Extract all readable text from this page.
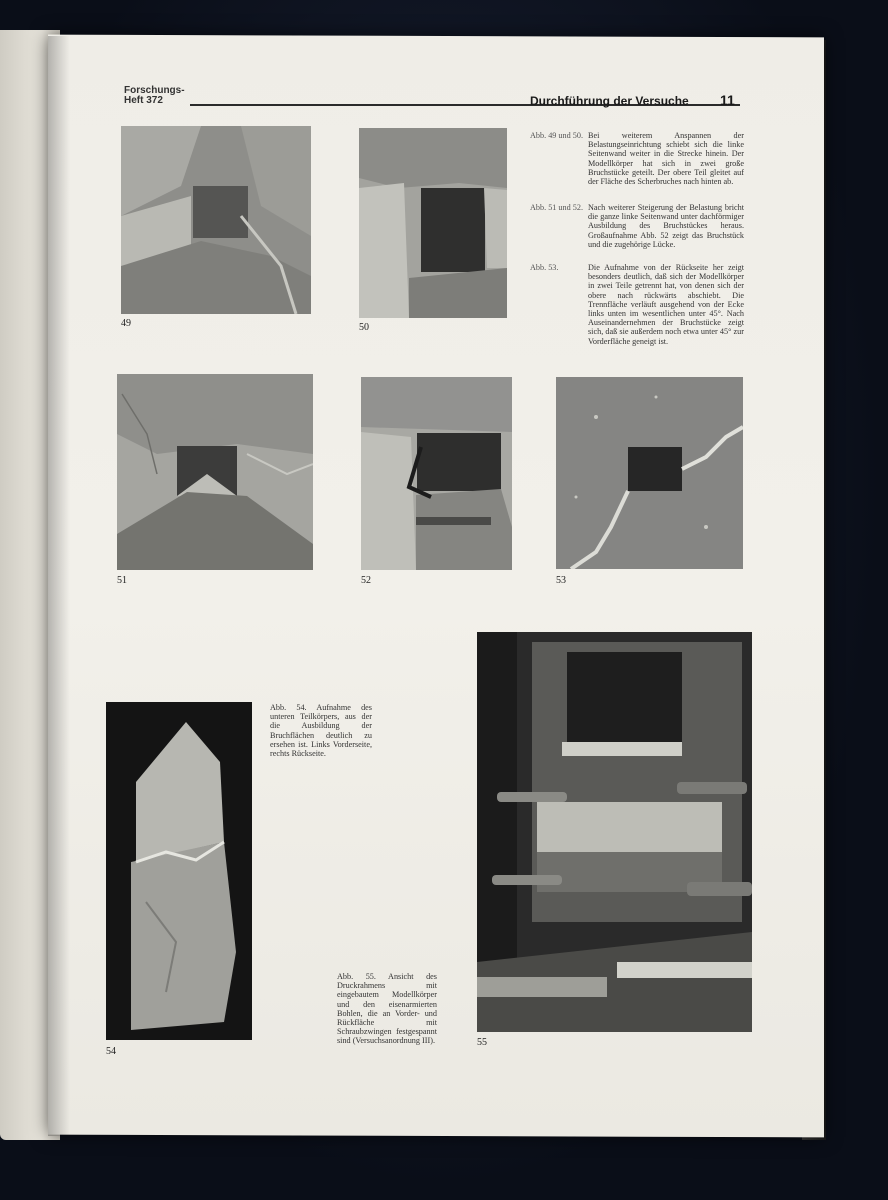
Forschungs-
Heft 372	Durchführung der Versuche 11
49	50
Abb. 49 und 50. Bei weiterem Anspannen der Belastungseinrichtung schiebt sich die linke Seitenwand weiter in die Strecke hinein. Der Modellkörper hat sich in zwei große Bruchstücke geteilt. Der obere Teil gleitet auf der Fläche des Scherbruches nach hinten ab.
Abb. 51 und 52. Nach weiterer Steigerung der Belastung bricht die ganze linke Seitenwand unter dachförmiger Ausbildung des Bruchstückes heraus. Großaufnahme Abb. 52 zeigt das Bruchstück und die zugehörige Lücke.
Abb. 53.	Die Aufnahme von der Rückseite her zeigt besonders deutlich, daß sich der Modellkörper in zwei Teile getrennt hat, von denen sich der obere nach rückwärts abschiebt. Die Trennfläche verläuft ausgehend von der Ecke links unten im wesentlichen unter 45°. Nach Auseinandernehmen der Bruchstücke zeigt sich, daß sie außerdem noch etwa unter 45° zur Vorderfläche geneigt ist.
51	52	53
54
Abb. 54. Aufnahme des unteren Teilkörpers, aus der die Ausbildung der Bruchflächen deutlich zu ersehen ist. Links Vorderseite, rechts Rückseite.
Abb. 55. Ansicht des Druckrahmens mit eingebautem Modellkörper und den eisenarmierten Bohlen, die an Vorder- und Rückfläche mit Schraubzwingen festgespannt sind (Versuchsanordnung III).	55
